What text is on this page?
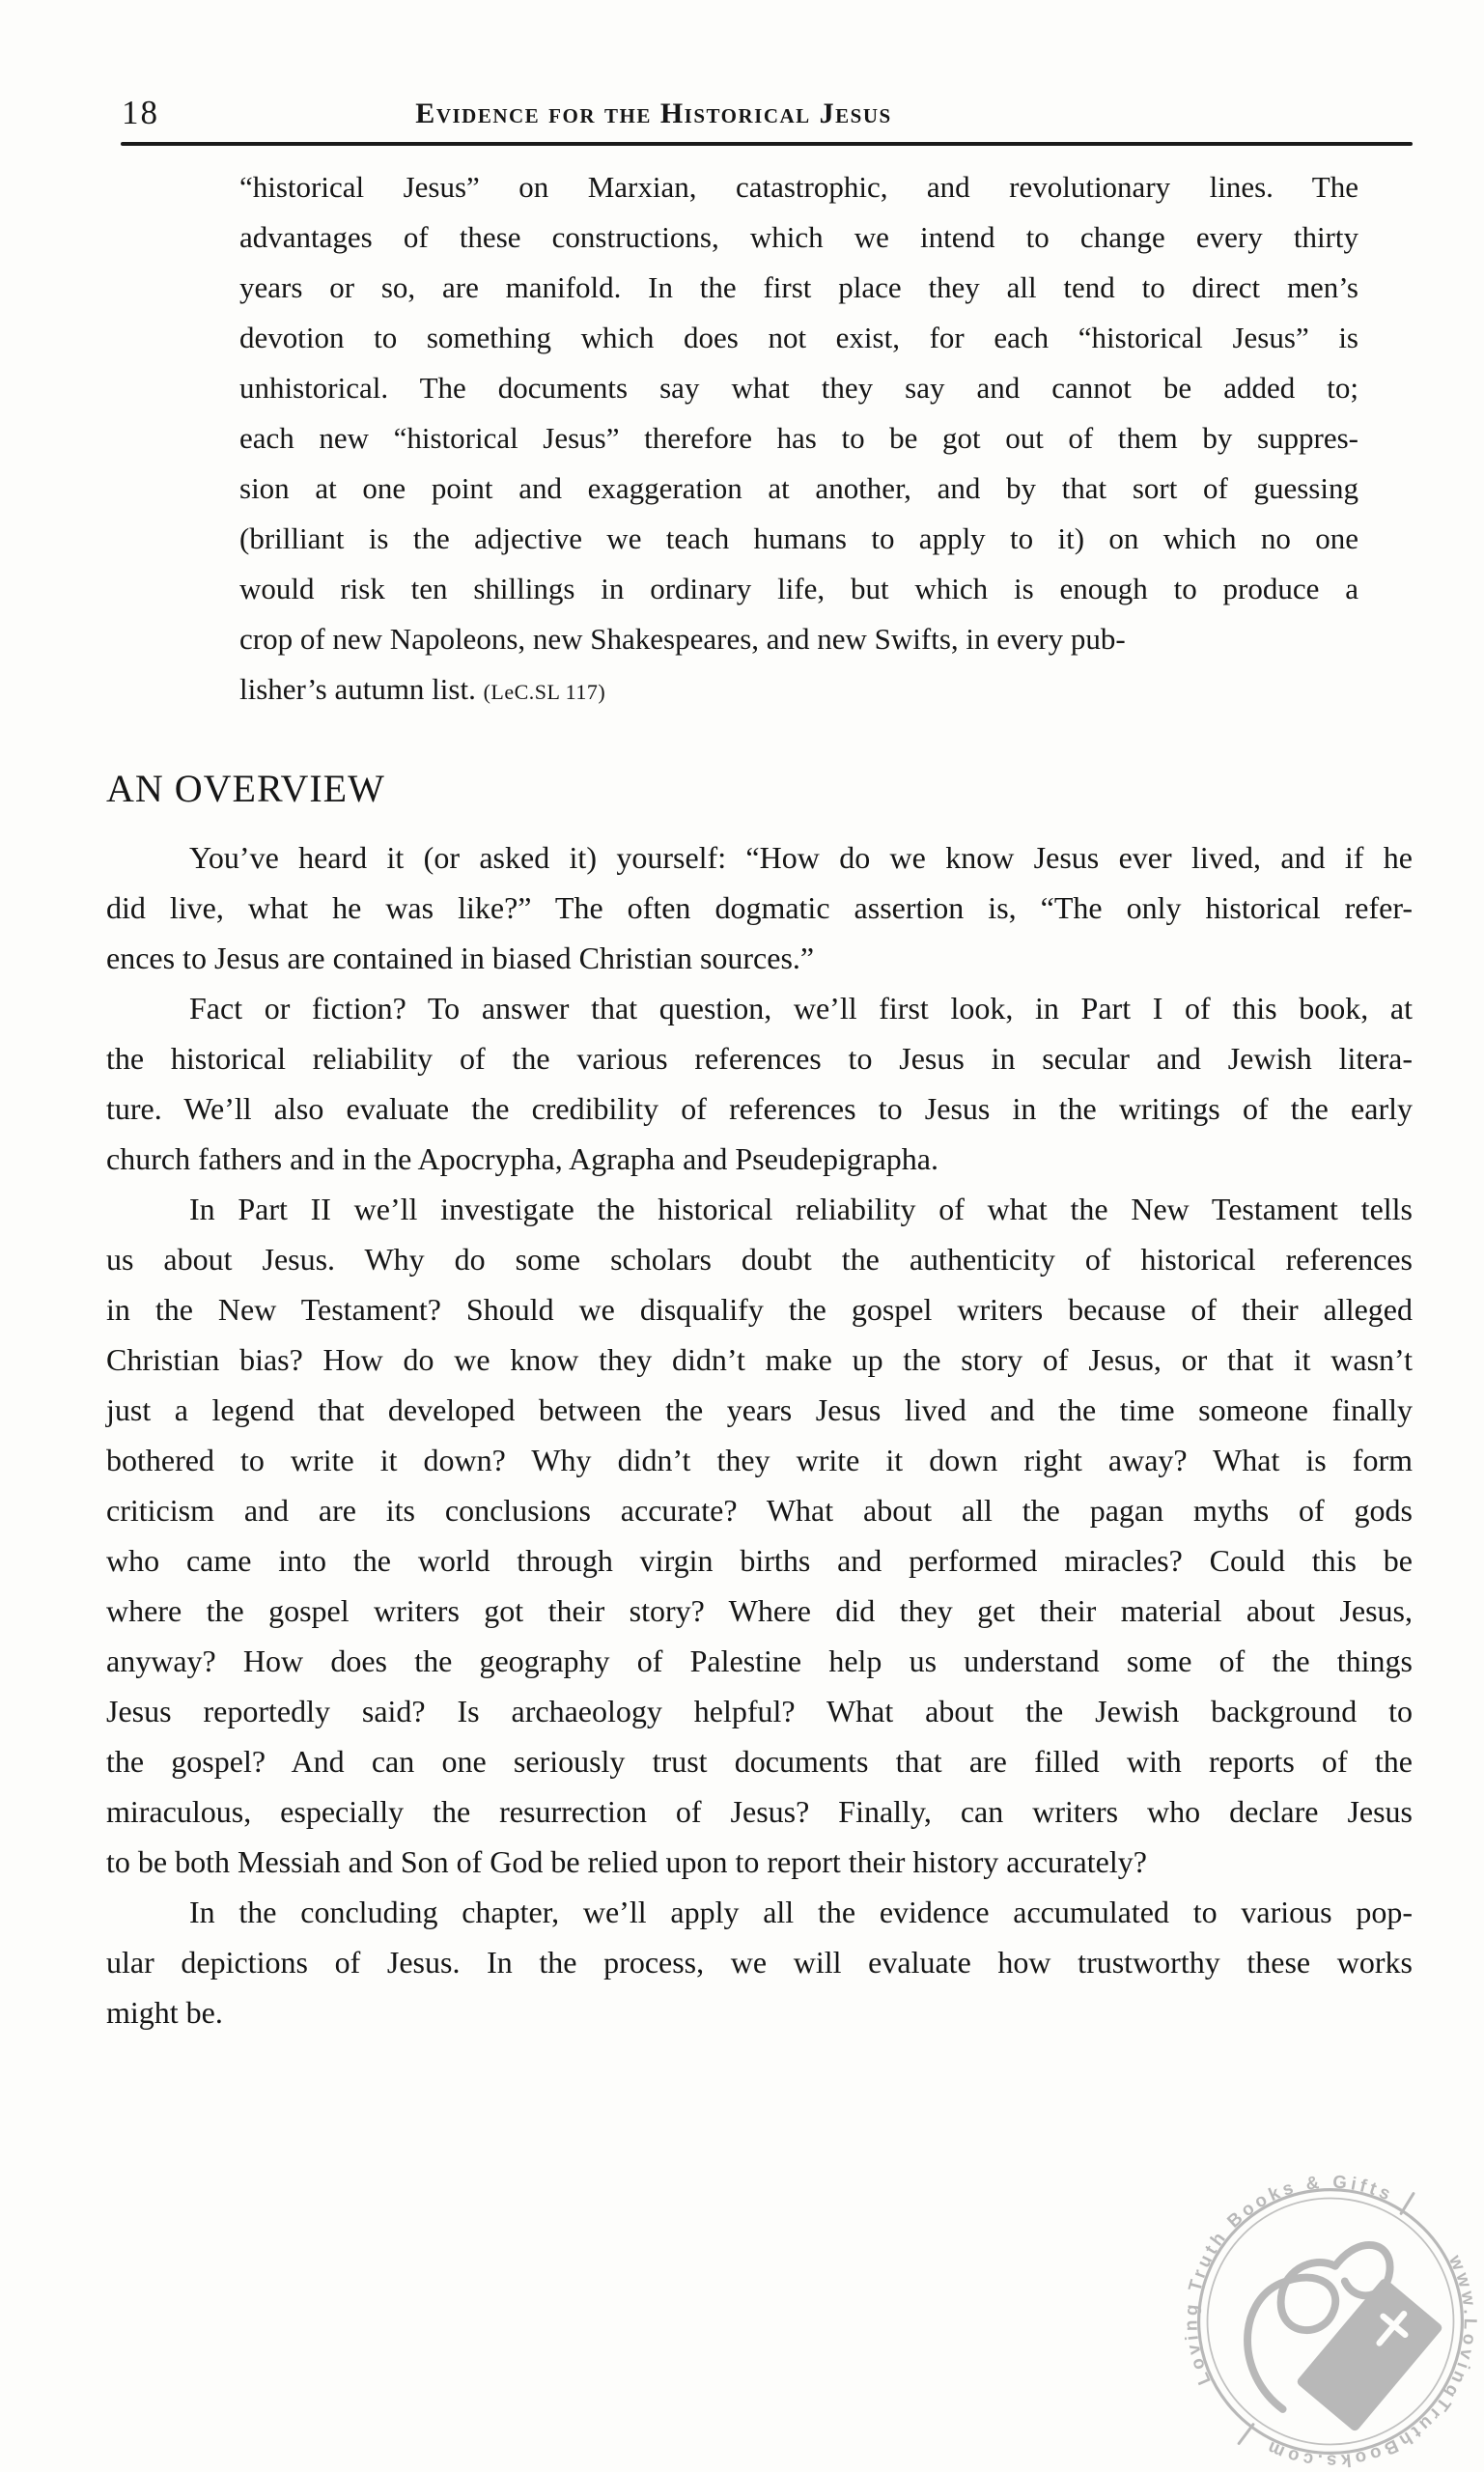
18	Evidence for the Historical Jesus
“historical Jesus” on Marxian, catastrophic, and revolutionary lines. The
advantages of these constructions, which we intend to change every thirty
years or so, are manifold. In the first place they all tend to direct men’s
devotion to something which does not exist, for each “historical Jesus” is
unhistorical. The documents say what they say and cannot be added to;
each new “historical Jesus” therefore has to be got out of them by suppres-
sion at one point and exaggeration at another, and by that sort of guessing
(brilliant is the adjective we teach humans to apply to it) on which no one
would risk ten shillings in ordinary life, but which is enough to produce a
crop of new Napoleons, new Shakespeares, and new Swifts, in every pub-
lisher’s autumn list. (LeC.SL 117)
AN OVERVIEW
You’ve heard it (or asked it) yourself: “How do we know Jesus ever lived, and if he
did live, what he was like?” The often dogmatic assertion is, “The only historical refer-
ences to Jesus are contained in biased Christian sources.”
Fact or fiction? To answer that question, we’ll first look, in Part I of this book, at
the historical reliability of the various references to Jesus in secular and Jewish litera-
ture. We’ll also evaluate the credibility of references to Jesus in the writings of the early
church fathers and in the Apocrypha, Agrapha and Pseudepigrapha.
In Part II we’ll investigate the historical reliability of what the New Testament tells
us about Jesus. Why do some scholars doubt the authenticity of historical references
in the New Testament? Should we disqualify the gospel writers because of their alleged
Christian bias? How do we know they didn’t make up the story of Jesus, or that it wasn’t
just a legend that developed between the years Jesus lived and the time someone finally
bothered to write it down? Why didn’t they write it down right away? What is form
criticism and are its conclusions accurate? What about all the pagan myths of gods
who came into the world through virgin births and performed miracles? Could this be
where the gospel writers got their story? Where did they get their material about Jesus,
anyway? How does the geography of Palestine help us understand some of the things
Jesus reportedly said? Is archaeology helpful? What about the Jewish background to
the gospel? And can one seriously trust documents that are filled with reports of the
miraculous, especially the resurrection of Jesus? Finally, can writers who declare Jesus
to be both Messiah and Son of God be relied upon to report their history accurately?
In the concluding chapter, we’ll apply all the evidence accumulated to various pop-
ular depictions of Jesus. In the process, we will evaluate how trustworthy these works
might be.
Loving Truth Books & Gifts
www.LovingTruthBooks.com
